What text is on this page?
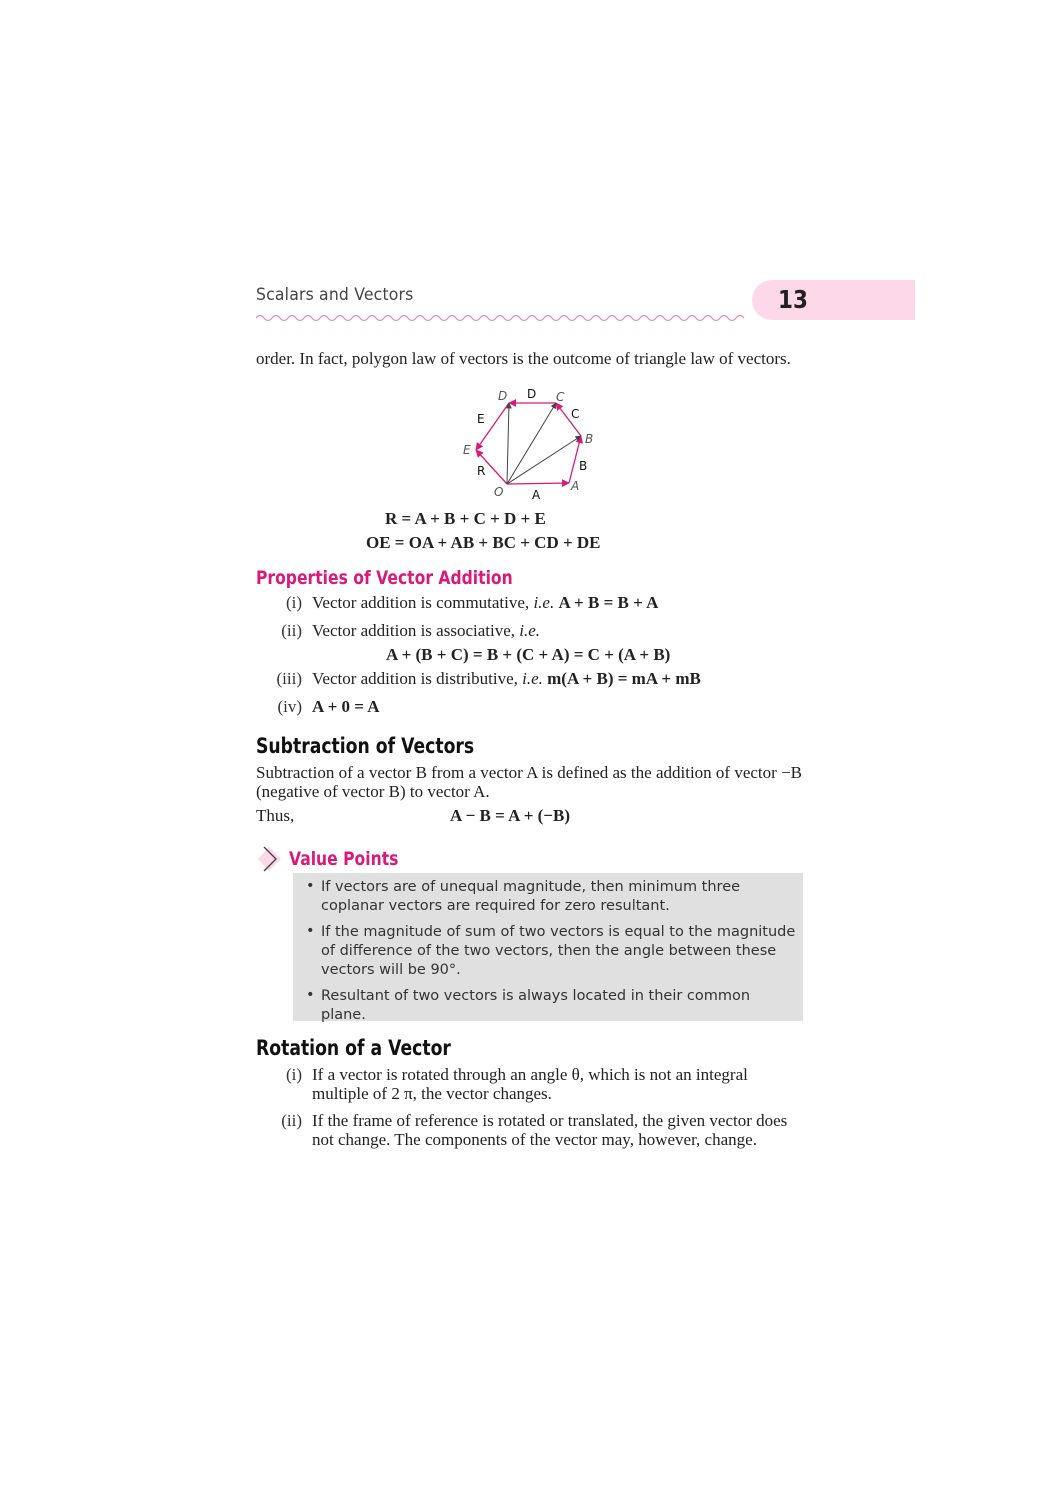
Scalars and Vectors	13
order. In fact, polygon law of vectors is the outcome of triangle law of vectors.
D D C
C
E
B
E
B
R
A
O A
R = A + B + C + D + E
OE = OA + AB + BC + CD + DE
Properties of Vector Addition
(i) Vector addition is commutative, i.e. A + B = B + A
(ii) Vector addition is associative, i.e.
A + (B + C) = B + (C + A) = C + (A + B)
(iii) Vector addition is distributive, i.e. m(A + B) = mA + mB
(iv) A + 0 = A
Subtraction of Vectors
Subtraction of a vector B from a vector A is defined as the addition of vector −B (negative of vector B) to vector A.
Thus,	A − B = A + (−B)
Value Points
• If vectors are of unequal magnitude, then minimum three coplanar vectors are required for zero resultant.
• If the magnitude of sum of two vectors is equal to the magnitude of difference of the two vectors, then the angle between these vectors will be 90°.
• Resultant of two vectors is always located in their common plane.
Rotation of a Vector
(i) If a vector is rotated through an angle θ, which is not an integral multiple of 2 π, the vector changes.
(ii) If the frame of reference is rotated or translated, the given vector does not change. The components of the vector may, however, change.
